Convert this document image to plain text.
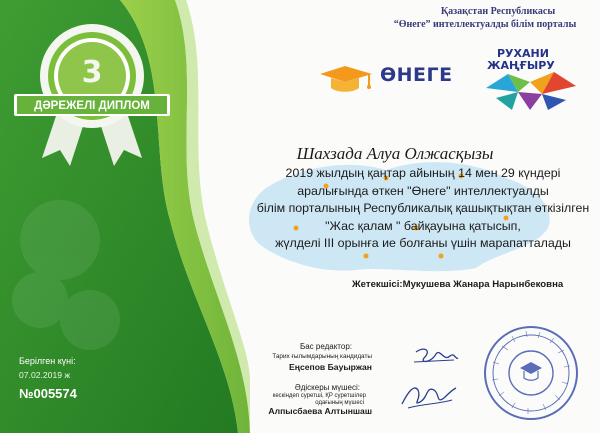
3
ДӘРЕЖЕЛІ ДИПЛОМ
Қазақстан Республикасы
“Өнеге” интеллектуалды білім порталы
ӨНЕГЕ
РУХАНИ
ЖАҢҒЫРУ
Шахзада Алуа Олжасқызы
2019 жылдың қаңтар айының 14 мен 29 күндері
аралығында өткен "Өнеге" интеллектуалды
білім порталының Республикалық қашықтықтан өткізілген
"Жас қалам " байқауына қатысып,
жүлделі III орынға ие болғаны үшін марапатталады
Жетекшісі:Мукушева Жанара Нарынбековна
Бас редактор:
Тарих ғылымдарының кандидаты
Еңсепов Бауыржан
Әдіскеры мүшесі:
кескіндеп суретші, ҚР суретшілер
одағының мүшесі
Алпысбаева Алтыншаш
Берілген күні:
07.02.2019 ж
№005574
